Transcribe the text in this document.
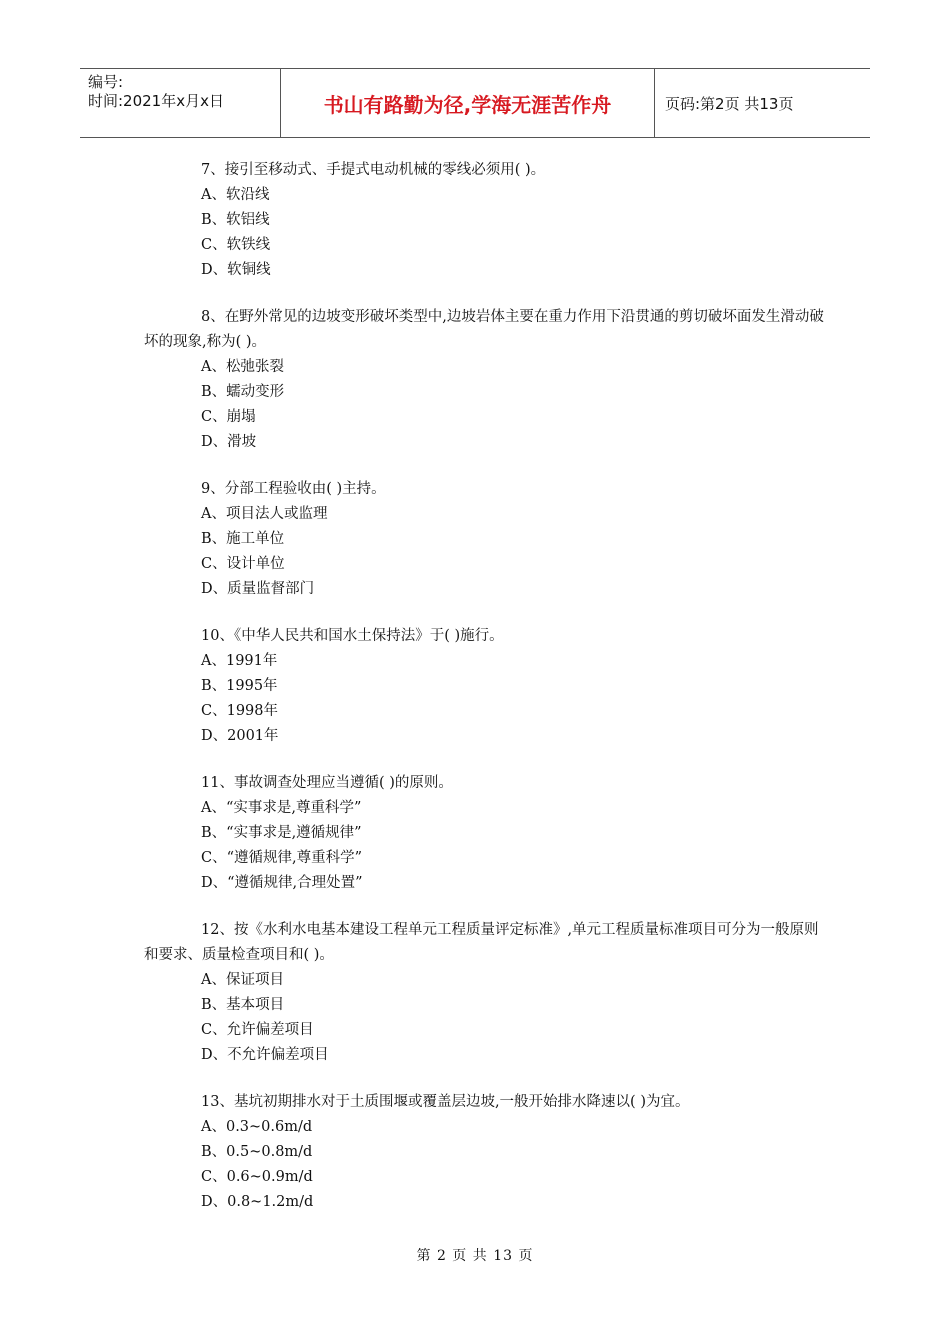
编号:
时间:2021年x月x日	书山有路勤为径,学海无涯苦作舟	页码:第2页 共13页
7、接引至移动式、手提式电动机械的零线必须用( )。
A、软沿线
B、软铝线
C、软铁线
D、软铜线
8、在野外常见的边坡变形破坏类型中,边坡岩体主要在重力作用下沿贯通的剪切破坏面发生滑动破坏的现象,称为( )。
A、松弛张裂
B、蠕动变形
C、崩塌
D、滑坡
9、分部工程验收由( )主持。
A、项目法人或监理
B、施工单位
C、设计单位
D、质量监督部门
10、《中华人民共和国水土保持法》于( )施行。
A、1991年
B、1995年
C、1998年
D、2001年
11、事故调查处理应当遵循( )的原则。
A、“实事求是,尊重科学”
B、“实事求是,遵循规律”
C、“遵循规律,尊重科学”
D、“遵循规律,合理处置”
12、按《水利水电基本建设工程单元工程质量评定标准》,单元工程质量标准项目可分为一般原则和要求、质量检查项目和( )。
A、保证项目
B、基本项目
C、允许偏差项目
D、不允许偏差项目
13、基坑初期排水对于土质围堰或覆盖层边坡,一般开始排水降速以( )为宜。
A、0.3~0.6m/d
B、0.5~0.8m/d
C、0.6~0.9m/d
D、0.8~1.2m/d
第 2 页 共 13 页
